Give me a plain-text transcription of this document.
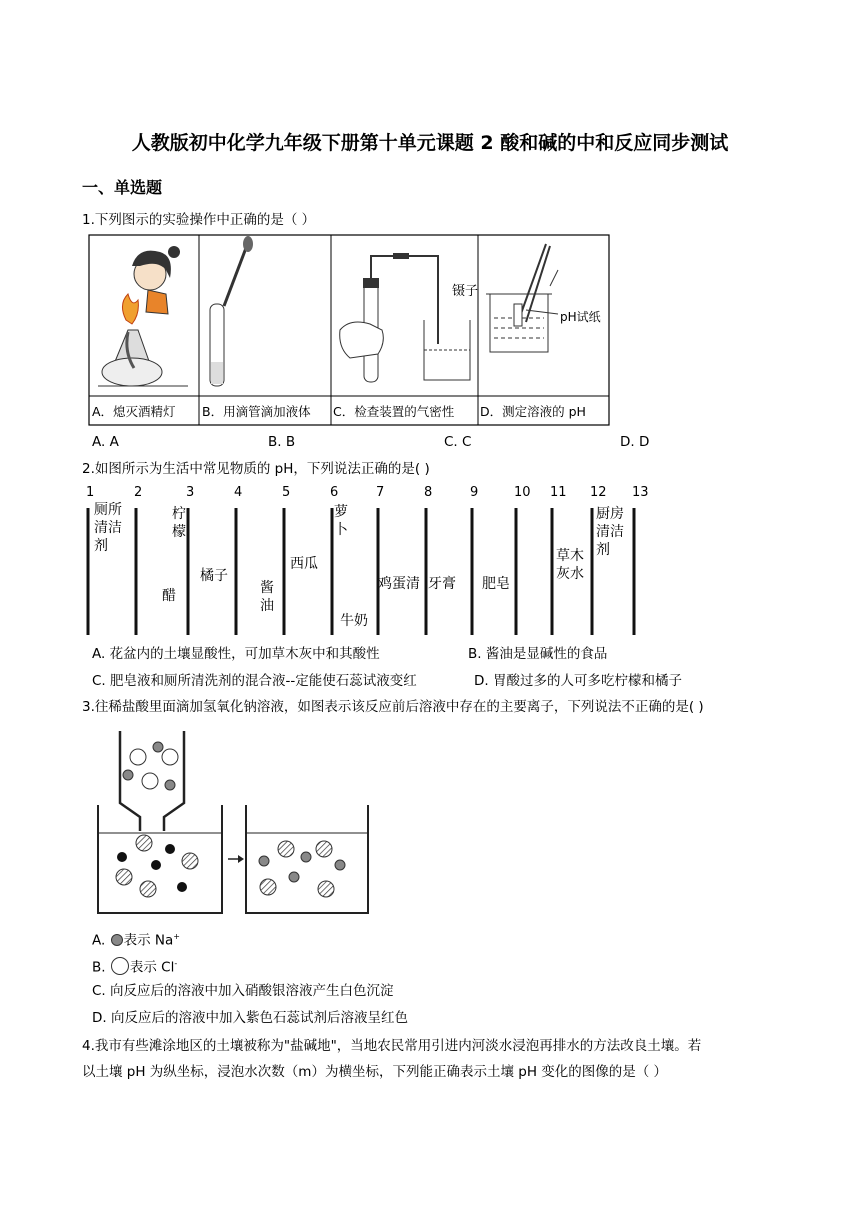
人教版初中化学九年级下册第十单元课题 2 酸和碱的中和反应同步测试
一、单选题
1.下列图示的实验操作中正确的是（ ）
镊子
pH试纸
A．熄灭酒精灯 B．用滴管滴加液体 C．检查装置的气密性 D．测定溶液的 pH
A. A	B. B	C. C	D. D
2.如图所示为生活中常见物质的 pH，下列说法正确的是( )
1	2	3	4	5	6	7	8	9	10 11 12 13
厕所清洁剂
醋
柠檬
橘子
酱油
西瓜
萝卜
牛奶
鸡蛋清 牙膏 肥皂
草木灰水
厨房清洁剂
A. 花盆内的土壤显酸性，可加草木灰中和其酸性	B. 酱油是显碱性的食品
C. 肥皂液和厕所清洗剂的混合液--定能使石蕊试液变红	D. 胃酸过多的人可多吃柠檬和橘子
3.往稀盐酸里面滴加氢氧化钠溶液，如图表示该反应前后溶液中存在的主要离子，下列说法不正确的是( )
A. 表示 Na+
B. 表示 Cl-
C. 向反应后的溶液中加入硝酸银溶液产生白色沉淀
D. 向反应后的溶液中加入紫色石蕊试剂后溶液呈红色
4.我市有些滩涂地区的土壤被称为"盐碱地"，当地农民常用引进内河淡水浸泡再排水的方法改良土壤。若
以土壤 pH 为纵坐标，浸泡水次数（m）为横坐标，下列能正确表示土壤 pH 变化的图像的是（ ）
